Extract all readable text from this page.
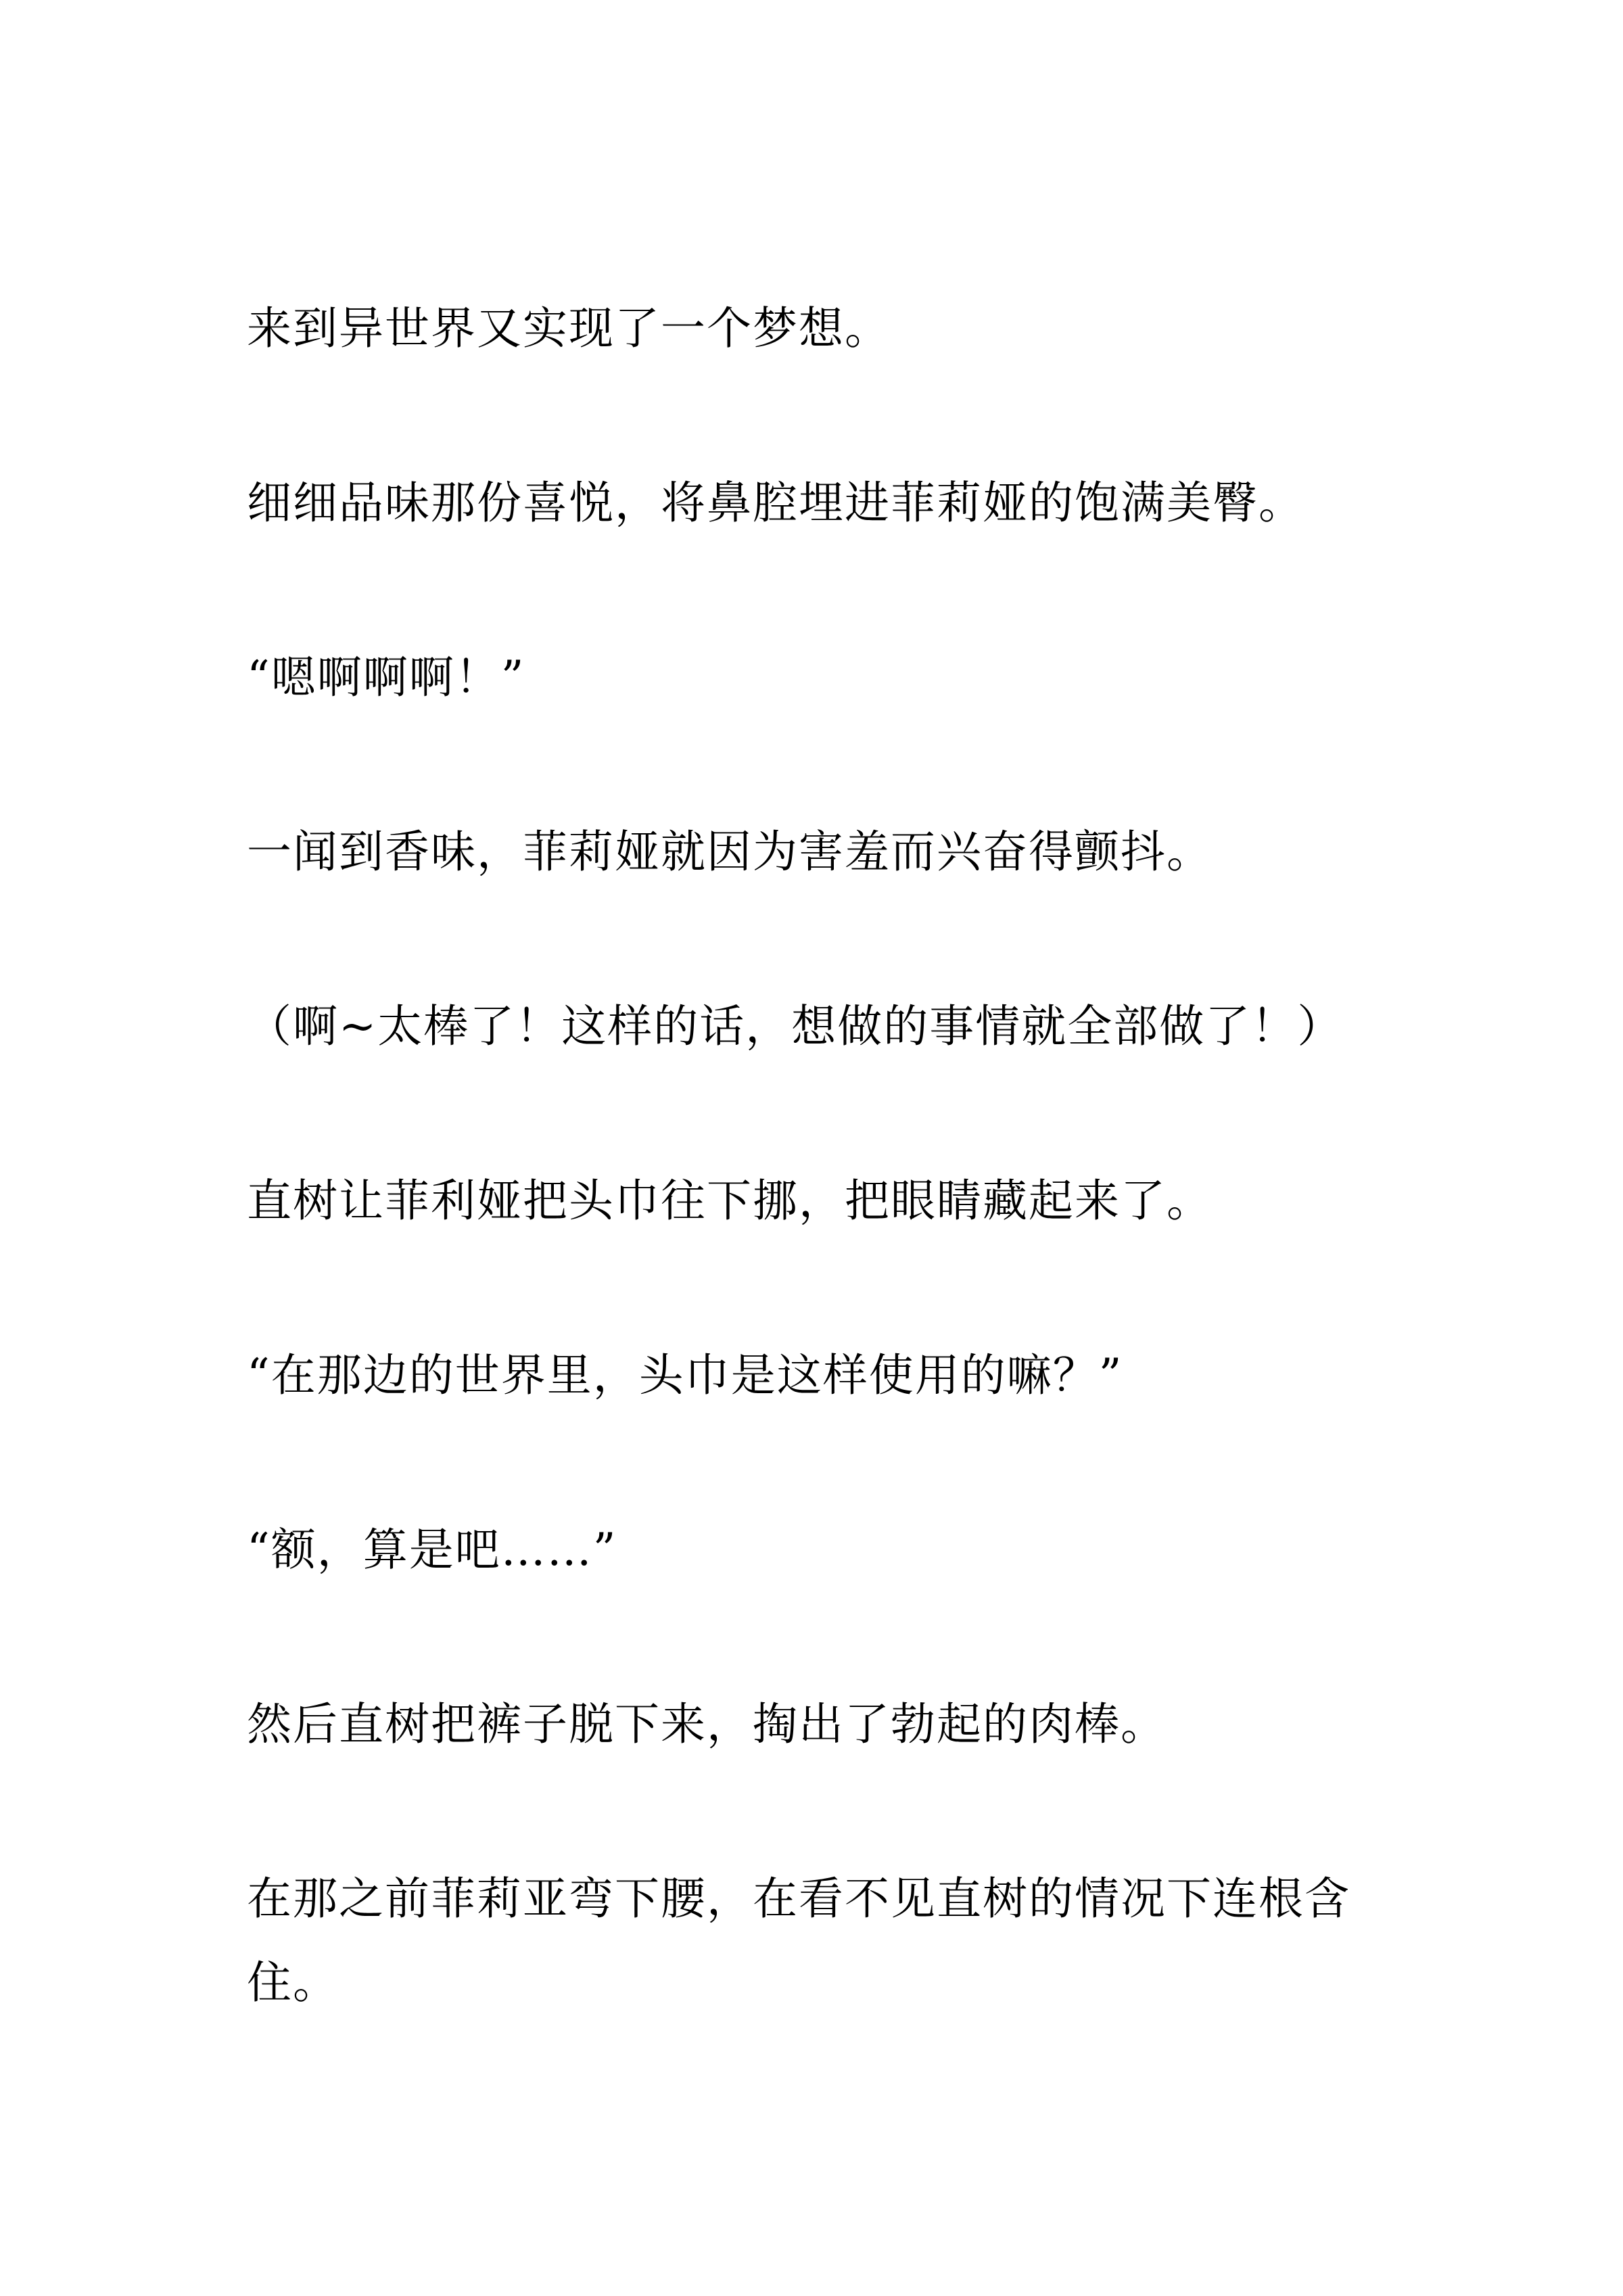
来到异世界又实现了一个梦想。

细细品味那份喜悦，将鼻腔埋进菲莉娅的饱满美臀。

“嗯啊啊啊！”

一闻到香味，菲莉娅就因为害羞而兴奋得颤抖。

（啊~太棒了！这样的话，想做的事情就全部做了！）

直树让菲利娅把头巾往下挪，把眼睛藏起来了。

“在那边的世界里，头巾是这样使用的嘛？”

“额，算是吧……”

然后直树把裤子脱下来，掏出了勃起的肉棒。

在那之前菲莉亚弯下腰，在看不见直树的情况下连根含住。
